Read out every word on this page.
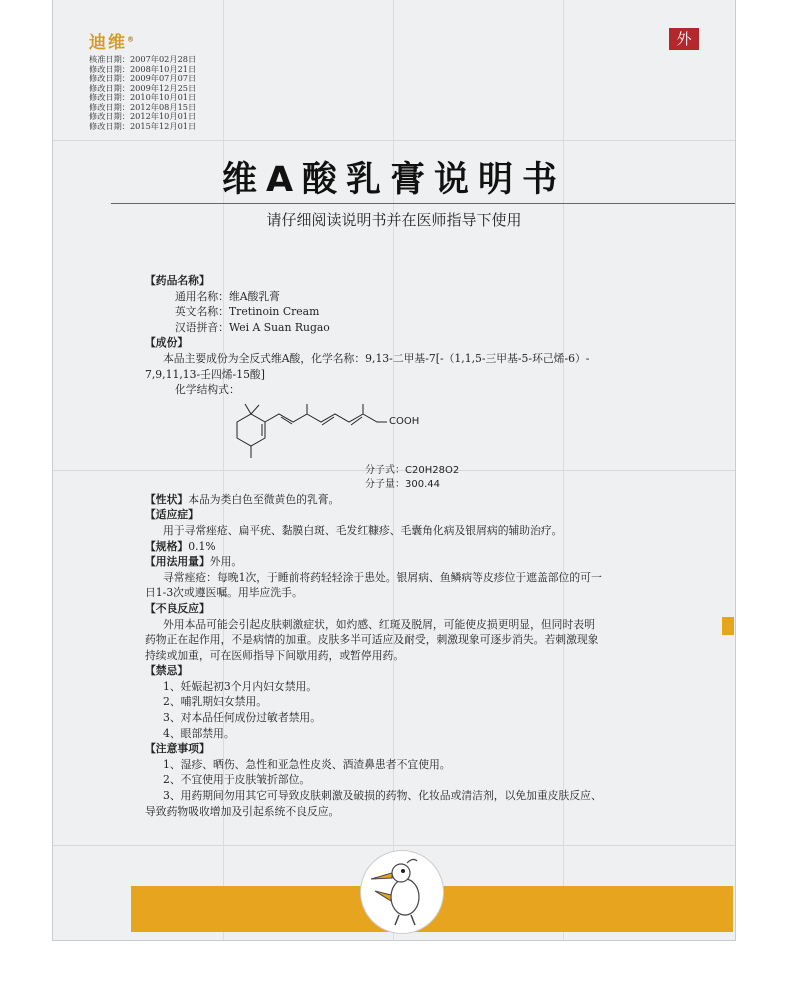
迪维®
核准日期：2007年02月28日
修改日期：2008年10月21日
修改日期：2009年07月07日
修改日期：2009年12月25日
修改日期：2010年10月01日
修改日期：2012年08月15日
修改日期：2012年10月01日
修改日期：2015年12月01日
外
维A酸乳膏说明书
请仔细阅读说明书并在医师指导下使用

【药品名称】

通用名称：维A酸乳膏

英文名称：Tretinoin Cream

汉语拼音：Wei A Suan Rugao

【成份】

本品主要成份为全反式维A酸，化学名称：9,13-二甲基-7[-（1,1,5-三甲基-5-环己烯-6）-

7,9,11,13-壬四烯-15酸]

化学结构式：

COOH

分子式：C20H28O2

分子量：300.44

【性状】本品为类白色至微黄色的乳膏。

【适应症】

用于寻常痤疮、扁平疣、黏膜白斑、毛发红糠疹、毛囊角化病及银屑病的辅助治疗。

【规格】0.1%

【用法用量】外用。

寻常痤疮：每晚1次，于睡前将药轻轻涂于患处。银屑病、鱼鳞病等皮疹位于遮盖部位的可一

日1-3次或遵医嘱。用毕应洗手。

【不良反应】

外用本品可能会引起皮肤刺激症状，如灼感、红斑及脱屑，可能使皮损更明显，但同时表明

药物正在起作用，不是病情的加重。皮肤多半可适应及耐受，刺激现象可逐步消失。若刺激现象

持续或加重，可在医师指导下间歇用药，或暂停用药。

【禁忌】

1、妊娠起初3个月内妇女禁用。

2、哺乳期妇女禁用。

3、对本品任何成份过敏者禁用。

4、眼部禁用。

【注意事项】

1、湿疹、晒伤、急性和亚急性皮炎、酒渣鼻患者不宜使用。

2、不宜使用于皮肤皱折部位。

3、用药期间勿用其它可导致皮肤刺激及破损的药物、化妆品或清洁剂，以免加重皮肤反应、

导致药物吸收增加及引起系统不良反应。
